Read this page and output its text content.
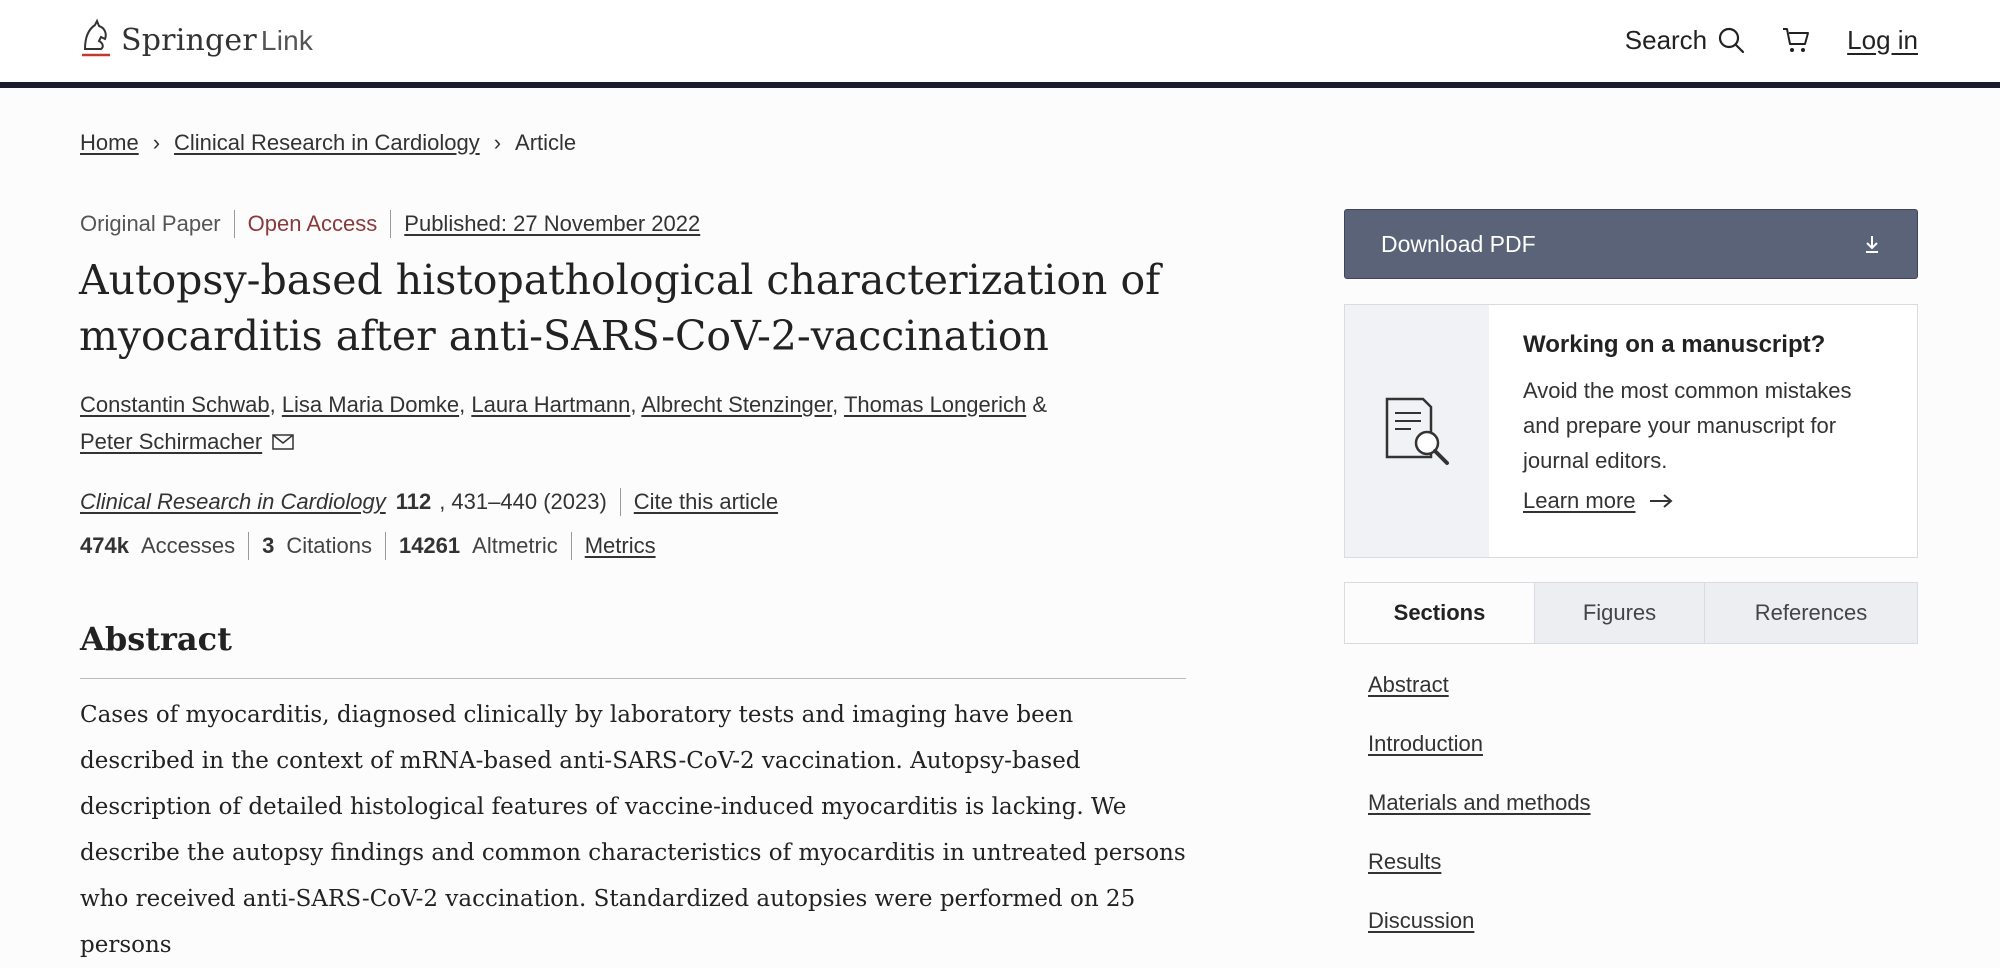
Springer Link	Search	Log in
Home › Clinical Research in Cardiology › Article
Original Paper Open Access Published: 27 November 2022
Autopsy-based histopathological characterization of myocarditis after anti-SARS-CoV-2-vaccination
Constantin Schwab, Lisa Maria Domke, Laura Hartmann, Albrecht Stenzinger, Thomas Longerich &
Peter Schirmacher
Clinical Research in Cardiology 112 , 431–440 (2023) Cite this article
474k Accesses 3 Citations 14261 Altmetric Metrics
Abstract

Cases of myocarditis, diagnosed clinically by laboratory tests and imaging have been described in the context of mRNA-based anti-SARS-CoV-2 vaccination. Autopsy-based description of detailed histological features of vaccine-induced myocarditis is lacking. We describe the autopsy findings and common characteristics of myocarditis in untreated persons who received anti-SARS-CoV-2 vaccination. Standardized autopsies were performed on 25 persons

Download PDF
Working on a manuscript?
Avoid the most common mistakes and prepare your manuscript for journal editors.
Learn more
Sections	Figures	References
Abstract
Introduction
Materials and methods
Results
Discussion
